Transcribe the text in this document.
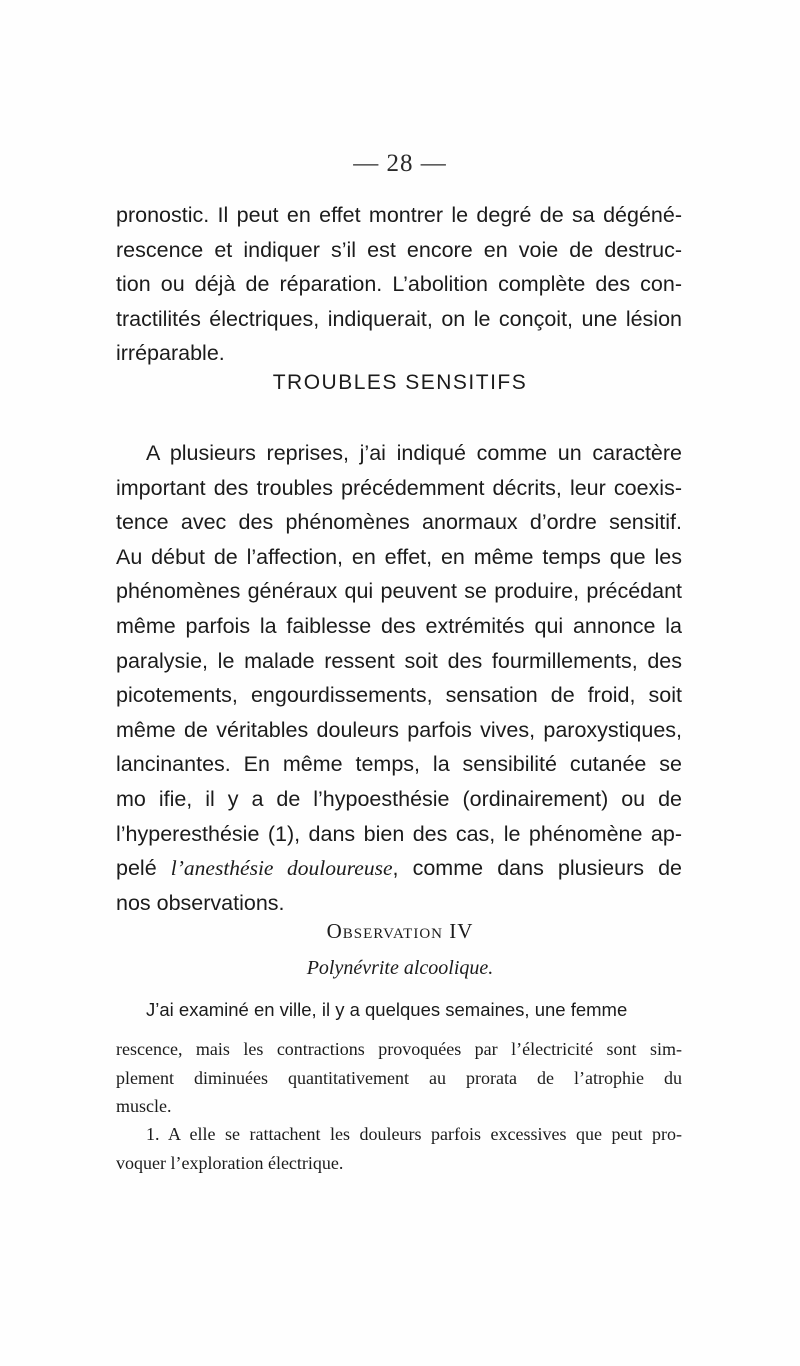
— 28 —
pronostic. Il peut en effet montrer le degré de sa dégéné-
rescence et indiquer s’il est encore en voie de destruc-
tion ou déjà de réparation. L’abolition complète des con-
tractilités électriques, indiquerait, on le conçoit, une lésion
irréparable.
TROUBLES SENSITIFS
A plusieurs reprises, j’ai indiqué comme un caractère
important des troubles précédemment décrits, leur coexis-
tence avec des phénomènes anormaux d’ordre sensitif.
Au début de l’affection, en effet, en même temps que les
phénomènes généraux qui peuvent se produire, précédant
même parfois la faiblesse des extrémités qui annonce la
paralysie, le malade ressent soit des fourmillements, des
picotements, engourdissements, sensation de froid, soit
même de véritables douleurs parfois vives, paroxystiques,
lancinantes. En même temps, la sensibilité cutanée se
mo ifie, il y a de l’hypoesthésie (ordinairement) ou de
l’hyperesthésie (1), dans bien des cas, le phénomène ap-
pelé l’anesthésie douloureuse, comme dans plusieurs de
nos observations.
Observation IV
Polynévrite alcoolique.
J’ai examiné en ville, il y a quelques semaines, une femme
rescence, mais les contractions provoquées par l’électricité sont sim-
plement diminuées quantitativement au prorata de l’atrophie du
muscle.
1. A elle se rattachent les douleurs parfois excessives que peut pro-
voquer l’exploration électrique.
